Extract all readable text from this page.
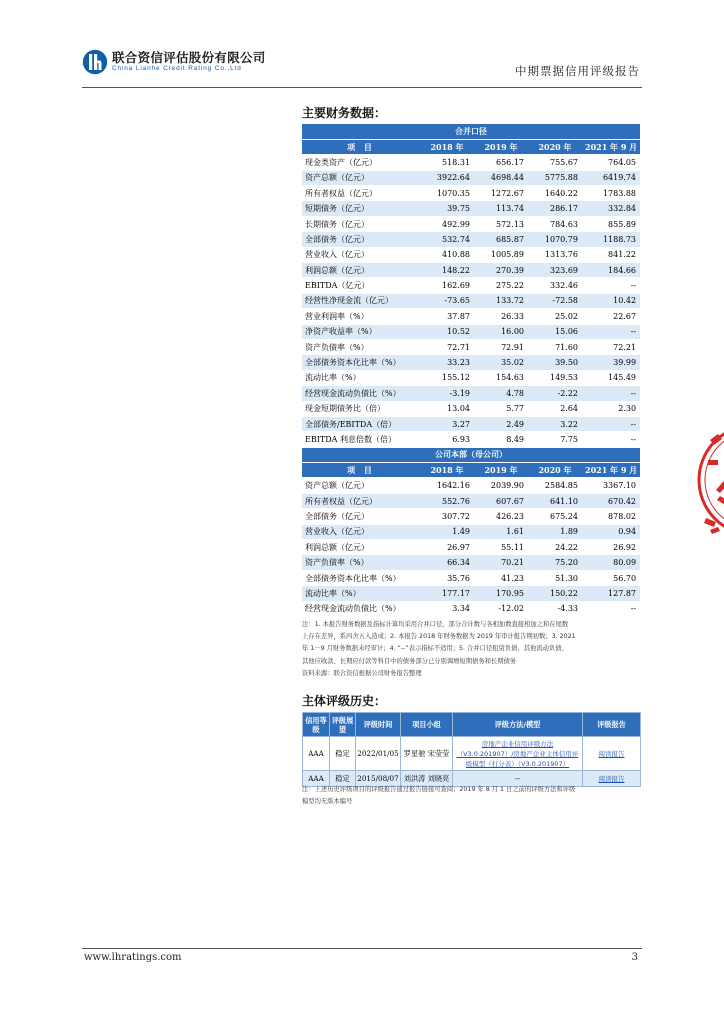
联合资信评估股份有限公司
China Lianhe Credit Rating Co.,Ltd	中期票据信用评级报告
主要财务数据：
合并口径				
项 目	2018 年	2019 年	2020 年	2021 年 9 月
现金类资产（亿元）	518.31	656.17	755.67	764.05
资产总额（亿元）	3922.64	4698.44	5775.88	6419.74
所有者权益（亿元）	1070.35	1272.67	1640.22	1783.88
短期债务（亿元）	39.75	113.74	286.17	332.84
长期债务（亿元）	492.99	572.13	784.63	855.89
全部债务（亿元）	532.74	685.87	1070.79	1188.73
营业收入（亿元）	410.88	1005.89	1313.76	841.22
利润总额（亿元）	148.22	270.39	323.69	184.66
EBITDA（亿元）	162.69	275.22	332.46	--
经营性净现金流（亿元）	-73.65	133.72	-72.58	10.42
营业利润率（%）	37.87	26.33	25.02	22.67
净资产收益率（%）	10.52	16.00	15.06	--
资产负债率（%）	72.71	72.91	71.60	72.21
全部债务资本化比率（%）	33.23	35.02	39.50	39.99
流动比率（%）	155.12	154.63	149.53	145.49
经营现金流动负债比（%）	-3.19	4.78	-2.22	--
现金短期债务比（倍）	13.04	5.77	2.64	2.30
全部债务/EBITDA（倍）	3.27	2.49	3.22	--
EBITDA 利息倍数（倍）	6.93	8.49	7.75	--
公司本部（母公司）				
项 目	2018 年	2019 年	2020 年	2021 年 9 月
资产总额（亿元）	1642.16	2039.90	2584.85	3367.10
所有者权益（亿元）	552.76	607.67	641.10	670.42
全部债务（亿元）	307.72	426.23	675.24	878.02
营业收入（亿元）	1.49	1.61	1.89	0.94
利润总额（亿元）	26.97	55.11	24.22	26.92
资产负债率（%）	66.34	70.21	75.20	80.09
全部债务资本化比率（%）	35.76	41.23	51.30	56.70
流动比率（%）	177.17	170.95	150.22	127.87
经营现金流动负债比（%）	3.34	-12.02	-4.33	--
注：1. 本报告财务数据及指标计算均采用合并口径，部分合计数与各相加数直接相加之和在尾数
上存在差异，系四舍五入造成；2. 本报告 2018 年财务数据为 2019 年审计报告期初数；3. 2021
年 1－9 月财务数据未经审计；4. “--”表示指标不适用；5. 合并口径租赁负债、其他流动负债、
其他应收款、长期应付款等科目中的债务部分已分别调增短期债务和长期债务
资料来源：联合资信根据公司财务报告整理
主体评级历史：
信用等级	评级展望	评级时间	项目小组	评级方法/模型	评级报告
AAA	稳定	2022/01/05	罗星驰 宋莹莹	房地产企业信用评级方法（V3.0.201907）/房地产企业主体信用评级模型（打分表）（V3.0.201907）	阅读报告
AAA	稳定	2015/08/07	刘洪涛 刘晓亮	--	阅读报告
注：上述历史评级项目的评级报告通过报告链接可查阅；2019 年 8 月 1 日之前的评级方法和评级
模型均无版本编号
www.lhratings.com	3
